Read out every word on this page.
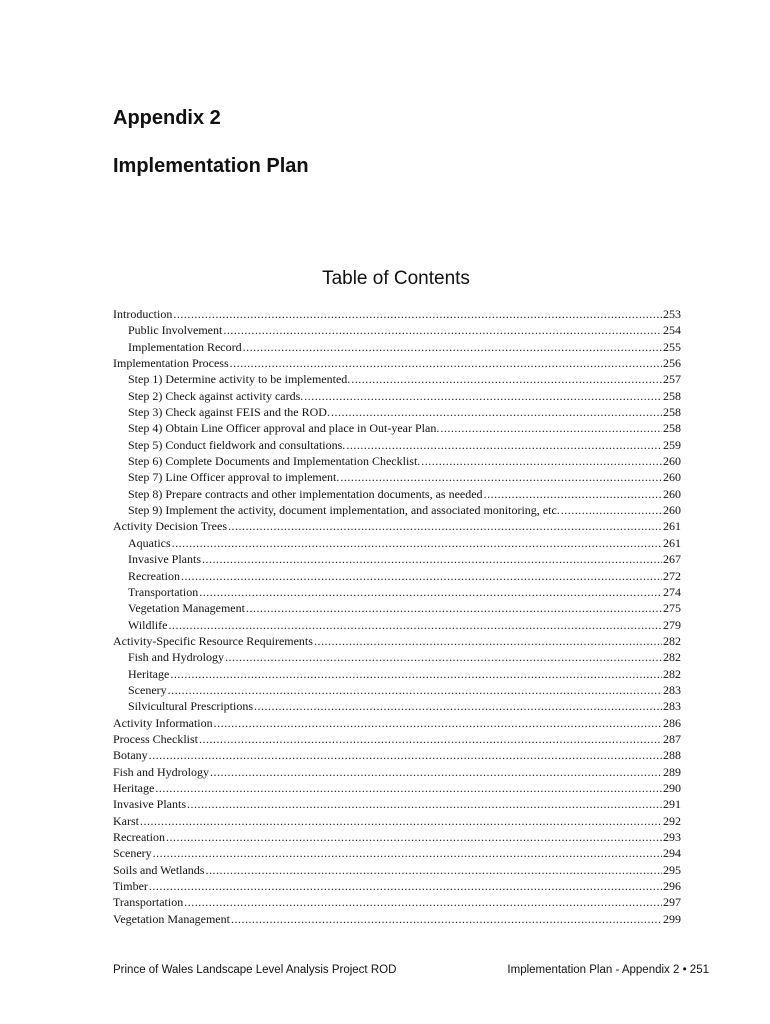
Appendix 2
Implementation Plan
Table of Contents
Introduction .....	253
Public Involvement .....	254
Implementation Record .....	255
Implementation Process .....	256
Step 1) Determine activity to be implemented. .....	257
Step 2) Check against activity cards. .....	258
Step 3) Check against FEIS and the ROD. .....	258
Step 4) Obtain Line Officer approval and place in Out-year Plan. .....	258
Step 5) Conduct fieldwork and consultations. .....	259
Step 6) Complete Documents and Implementation Checklist. .....	260
Step 7) Line Officer approval to implement. .....	260
Step 8) Prepare contracts and other implementation documents, as needed .....	260
Step 9) Implement the activity, document implementation, and associated monitoring, etc. .....	260
Activity Decision Trees .....	261
Aquatics .....	261
Invasive Plants .....	267
Recreation .....	272
Transportation .....	274
Vegetation Management .....	275
Wildlife .....	279
Activity-Specific Resource Requirements .....	282
Fish and Hydrology .....	282
Heritage .....	282
Scenery .....	283
Silvicultural Prescriptions .....	283
Activity Information .....	286
Process Checklist .....	287
Botany .....	288
Fish and Hydrology .....	289
Heritage .....	290
Invasive Plants .....	291
Karst .....	292
Recreation .....	293
Scenery .....	294
Soils and Wetlands .....	295
Timber .....	296
Transportation .....	297
Vegetation Management .....	299
Prince of Wales Landscape Level Analysis Project ROD	Implementation Plan - Appendix 2 • 251
